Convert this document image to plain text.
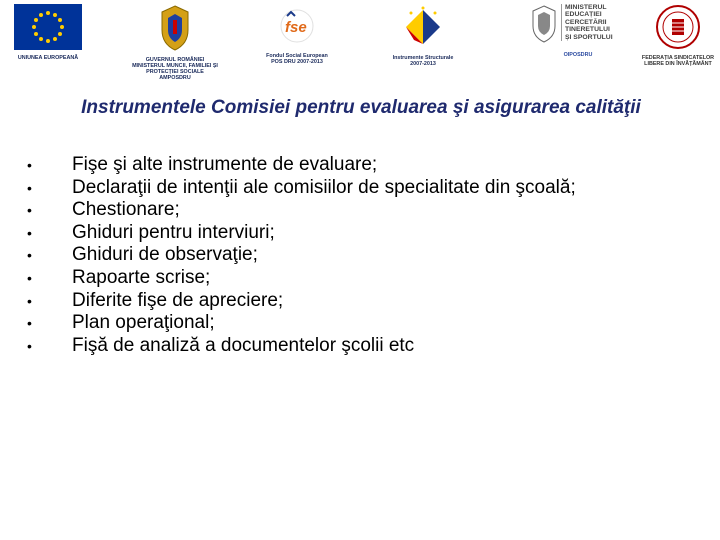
UNIUNEA EUROPEANĂ	GUVERNUL ROMÂNIEI
MINISTERUL MUNCII, FAMILIEI ȘI
PROTECȚIEI SOCIALE
AMPOSDRU
fse
Fondul Social European
POS DRU 2007-2013
Instrumente Structurale
2007-2013
MINISTERUL
EDUCAȚIEI
CERCETĂRII
TINERETULUI
ȘI SPORTULUI
OIPOSDRU	FEDERAȚIA SINDICATELOR
LIBERE DIN ÎNVĂȚĂMÂNT
Instrumentele Comisiei pentru evaluarea şi asigurarea calităţii
• Fişe şi alte instrumente de evaluare;
• Declaraţii de intenţii ale comisiilor de specialitate din şcoală;
• Chestionare;
• Ghiduri pentru interviuri;
• Ghiduri de observaţie;
• Rapoarte scrise;
• Diferite fişe de apreciere;
• Plan operaţional;
• Fişă de analiză a documentelor şcolii etc
